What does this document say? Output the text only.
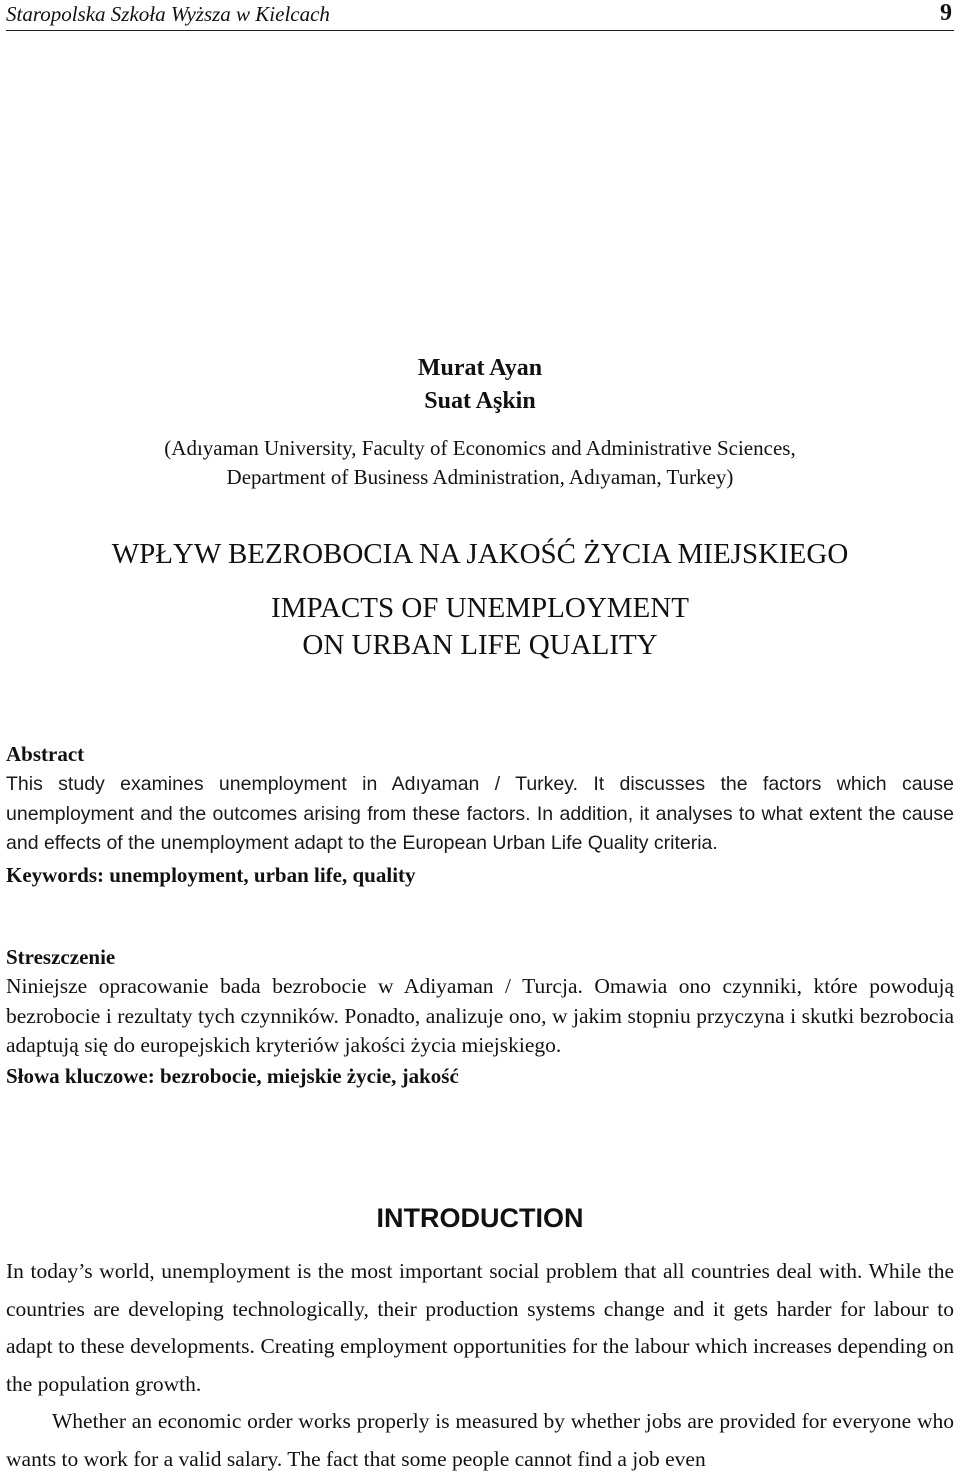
Staropolska Szkoła Wyższa w Kielcach	9
Murat Ayan
Suat Aşkin
(Adıyaman University, Faculty of Economics and Administrative Sciences,
Department of Business Administration, Adıyaman, Turkey)
WPŁYW BEZROBOCIA NA JAKOŚĆ ŻYCIA MIEJSKIEGO
IMPACTS OF UNEMPLOYMENT
ON URBAN LIFE QUALITY
Abstract
This study examines unemployment in Adıyaman / Turkey. It discusses the factors which cause unemployment and the outcomes arising from these factors. In addition, it analyses to what extent the cause and effects of the unemployment adapt to the European Urban Life Quality criteria.
Keywords: unemployment, urban life, quality
Streszczenie
Niniejsze opracowanie bada bezrobocie w Adiyaman / Turcja. Omawia ono czynniki, które powodują bezrobocie i rezultaty tych czynników. Ponadto, analizuje ono, w jakim stopniu przyczyna i skutki bezrobocia adaptują się do europejskich kryteriów jakości życia miejskiego.
Słowa kluczowe: bezrobocie, miejskie życie, jakość
INTRODUCTION

In today’s world, unemployment is the most important social problem that all countries deal with. While the countries are developing technologically, their production systems change and it gets harder for labour to adapt to these developments. Creating employment opportunities for the labour which increases depending on the population growth.

Whether an economic order works properly is measured by whether jobs are provided for everyone who wants to work for a valid salary. The fact that some people cannot find a job even
